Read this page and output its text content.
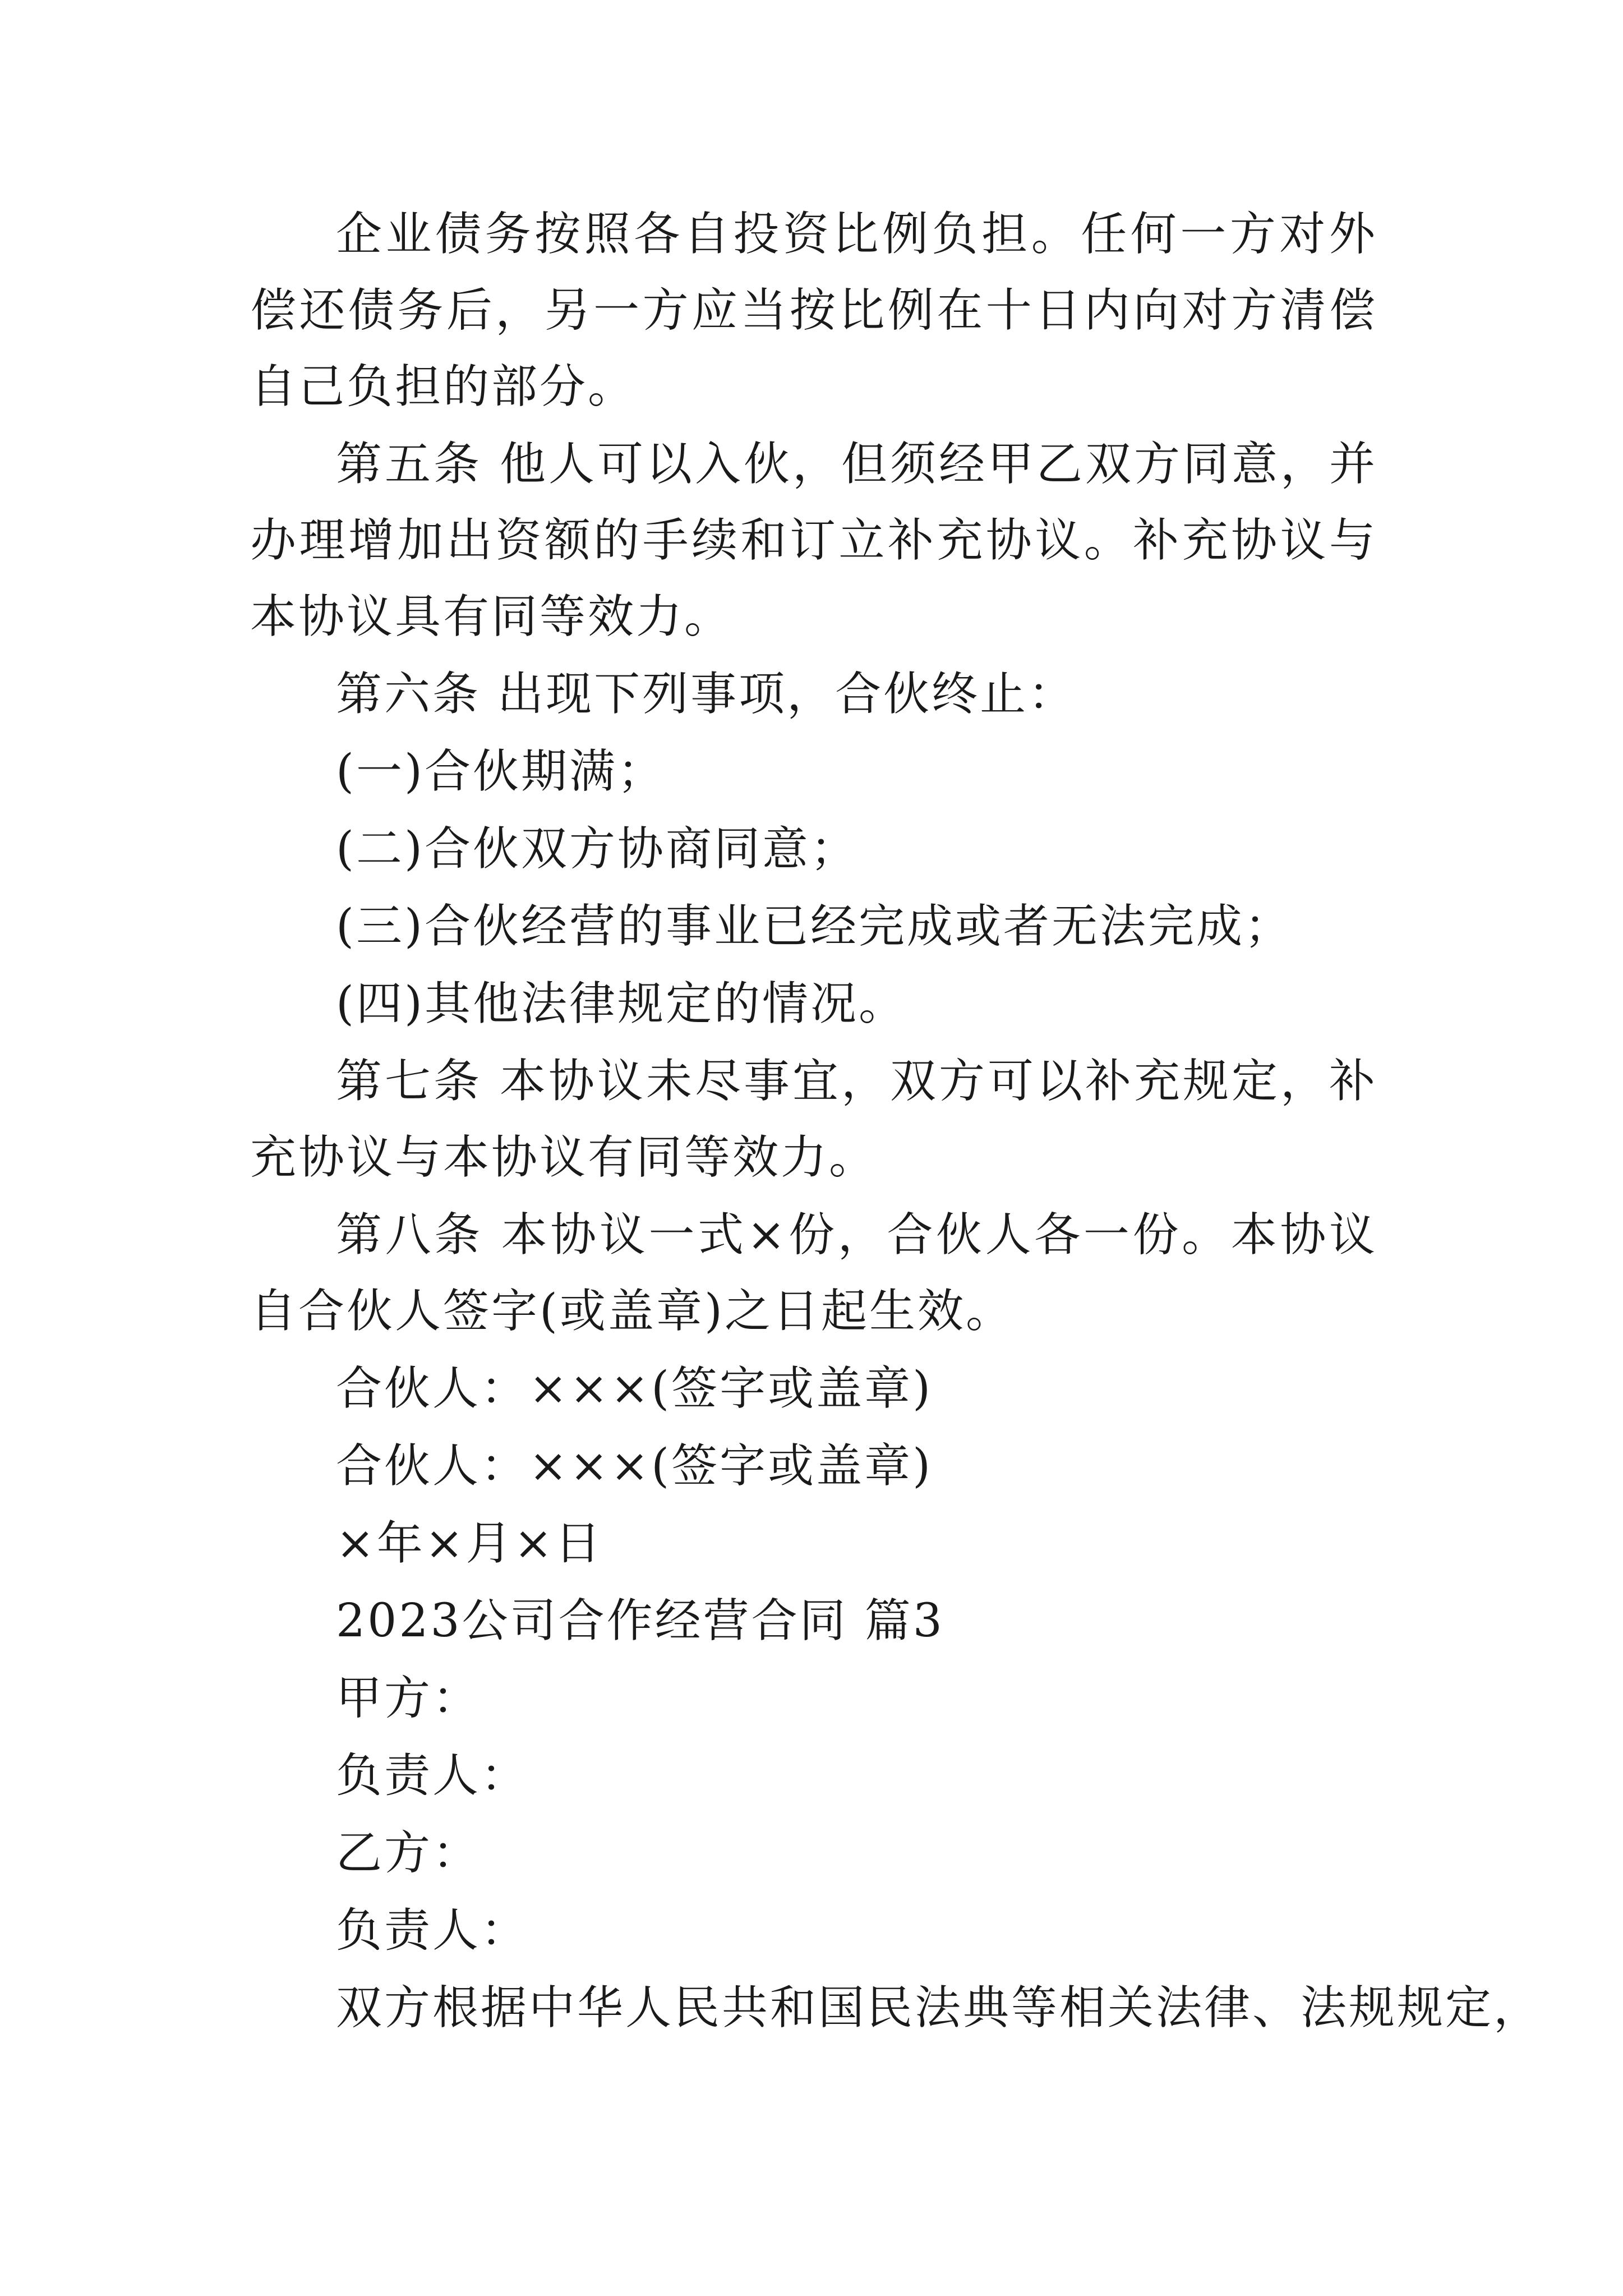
企业债务按照各自投资比例负担。任何一方对外偿还债务后，另一方应当按比例在十日内向对方清偿自己负担的部分。

第五条 他人可以入伙，但须经甲乙双方同意，并办理增加出资额的手续和订立补充协议。补充协议与本协议具有同等效力。

第六条 出现下列事项，合伙终止：

(一)合伙期满；

(二)合伙双方协商同意；

(三)合伙经营的事业已经完成或者无法完成；

(四)其他法律规定的情况。

第七条 本协议未尽事宜，双方可以补充规定，补充协议与本协议有同等效力。

第八条 本协议一式×份，合伙人各一份。本协议自合伙人签字(或盖章)之日起生效。

合伙人：×××(签字或盖章)

合伙人：×××(签字或盖章)

×年×月×日

2023公司合作经营合同 篇3

甲方：

负责人：

乙方：

负责人：

双方根据中华人民共和国民法典等相关法律、法规规定，
